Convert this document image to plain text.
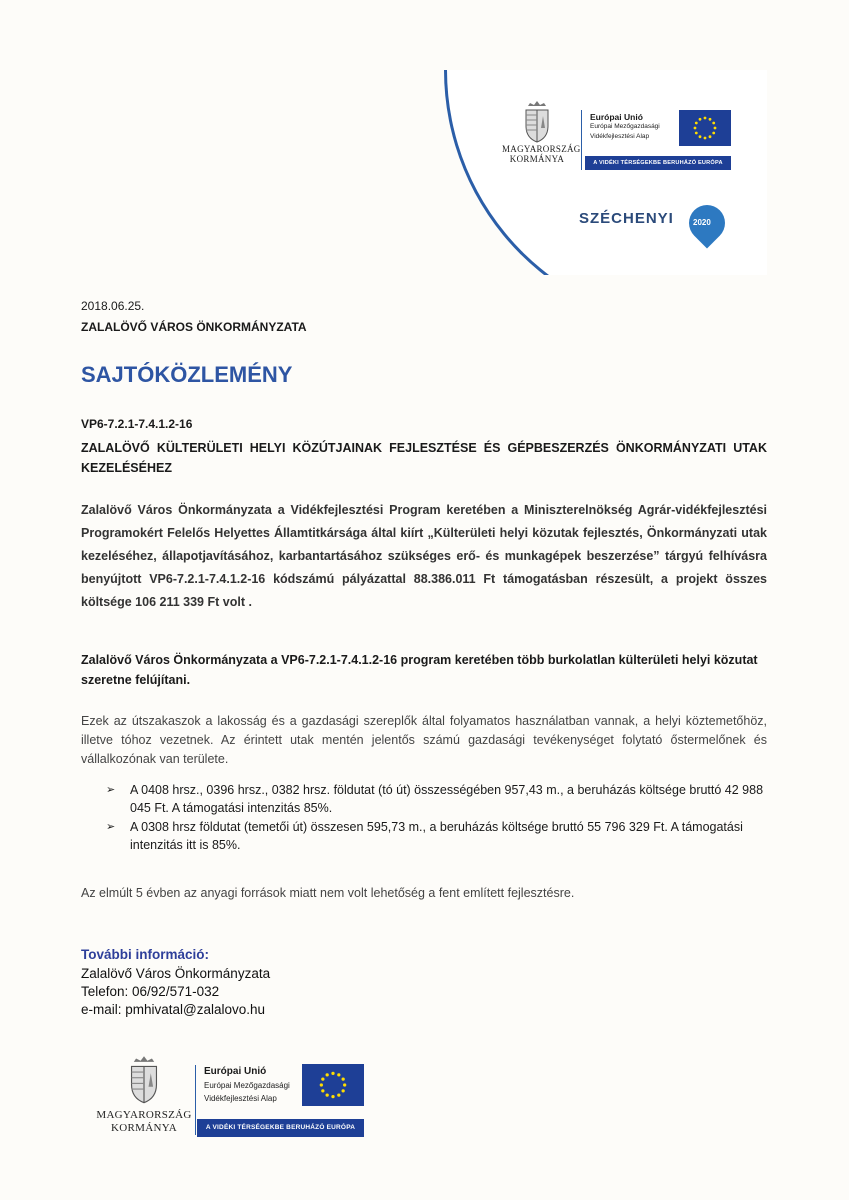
MAGYARORSZÁG
KORMÁNYA
Európai Unió
Európai Mezőgazdasági
Vidékfejlesztési Alap
A VIDÉKI TÉRSÉGEKBE BERUHÁZÓ EURÓPA
SZÉCHENYI 2020
2018.06.25.
ZALALÖVŐ VÁROS ÖNKORMÁNYZATA
SAJTÓKÖZLEMÉNY
VP6-7.2.1-7.4.1.2-16
ZALALÖVŐ KÜLTERÜLETI HELYI KÖZÚTJAINAK FEJLESZTÉSE ÉS GÉPBESZERZÉS ÖNKORMÁNYZATI UTAK KEZELÉSÉHEZ
Zalalövő Város Önkormányzata a Vidékfejlesztési Program keretében a Miniszterelnökség Agrár-vidékfejlesztési Programokért Felelős Helyettes Államtitkársága által kiírt „Külterületi helyi közutak fejlesztés, Önkormányzati utak kezeléséhez, állapotjavításához, karbantartásához szükséges erő- és munkagépek beszerzése” tárgyú felhívásra benyújtott VP6-7.2.1-7.4.1.2-16 kódszámú pályázattal 88.386.011 Ft támogatásban részesült, a projekt összes költsége 106 211 339 Ft volt .
Zalalövő Város Önkormányzata a VP6-7.2.1-7.4.1.2-16 program keretében több burkolatlan külterületi helyi közutat szeretne felújítani.
Ezek az útszakaszok a lakosság és a gazdasági szereplők által folyamatos használatban vannak, a helyi köztemetőhöz, illetve tóhoz vezetnek. Az érintett utak mentén jelentős számú gazdasági tevékenységet folytató őstermelőnek és vállalkozónak van területe.
➢ A 0408 hrsz., 0396 hrsz., 0382 hrsz. földutat (tó út) összességében 957,43 m., a beruházás költsége bruttó 42 988 045 Ft. A támogatási intenzitás 85%.
➢ A 0308 hrsz földutat (temetői út) összesen 595,73 m., a beruházás költsége bruttó 55 796 329 Ft. A támogatási intenzitás itt is 85%.
Az elmúlt 5 évben az anyagi források miatt nem volt lehetőség a fent említett fejlesztésre.
További információ:
Zalalövő Város Önkormányzata
Telefon: 06/92/571-032
e-mail: pmhivatal@zalalovo.hu
MAGYARORSZÁG
KORMÁNYA
Európai Unió
Európai Mezőgazdasági
Vidékfejlesztési Alap
A VIDÉKI TÉRSÉGEKBE BERUHÁZÓ EURÓPA
